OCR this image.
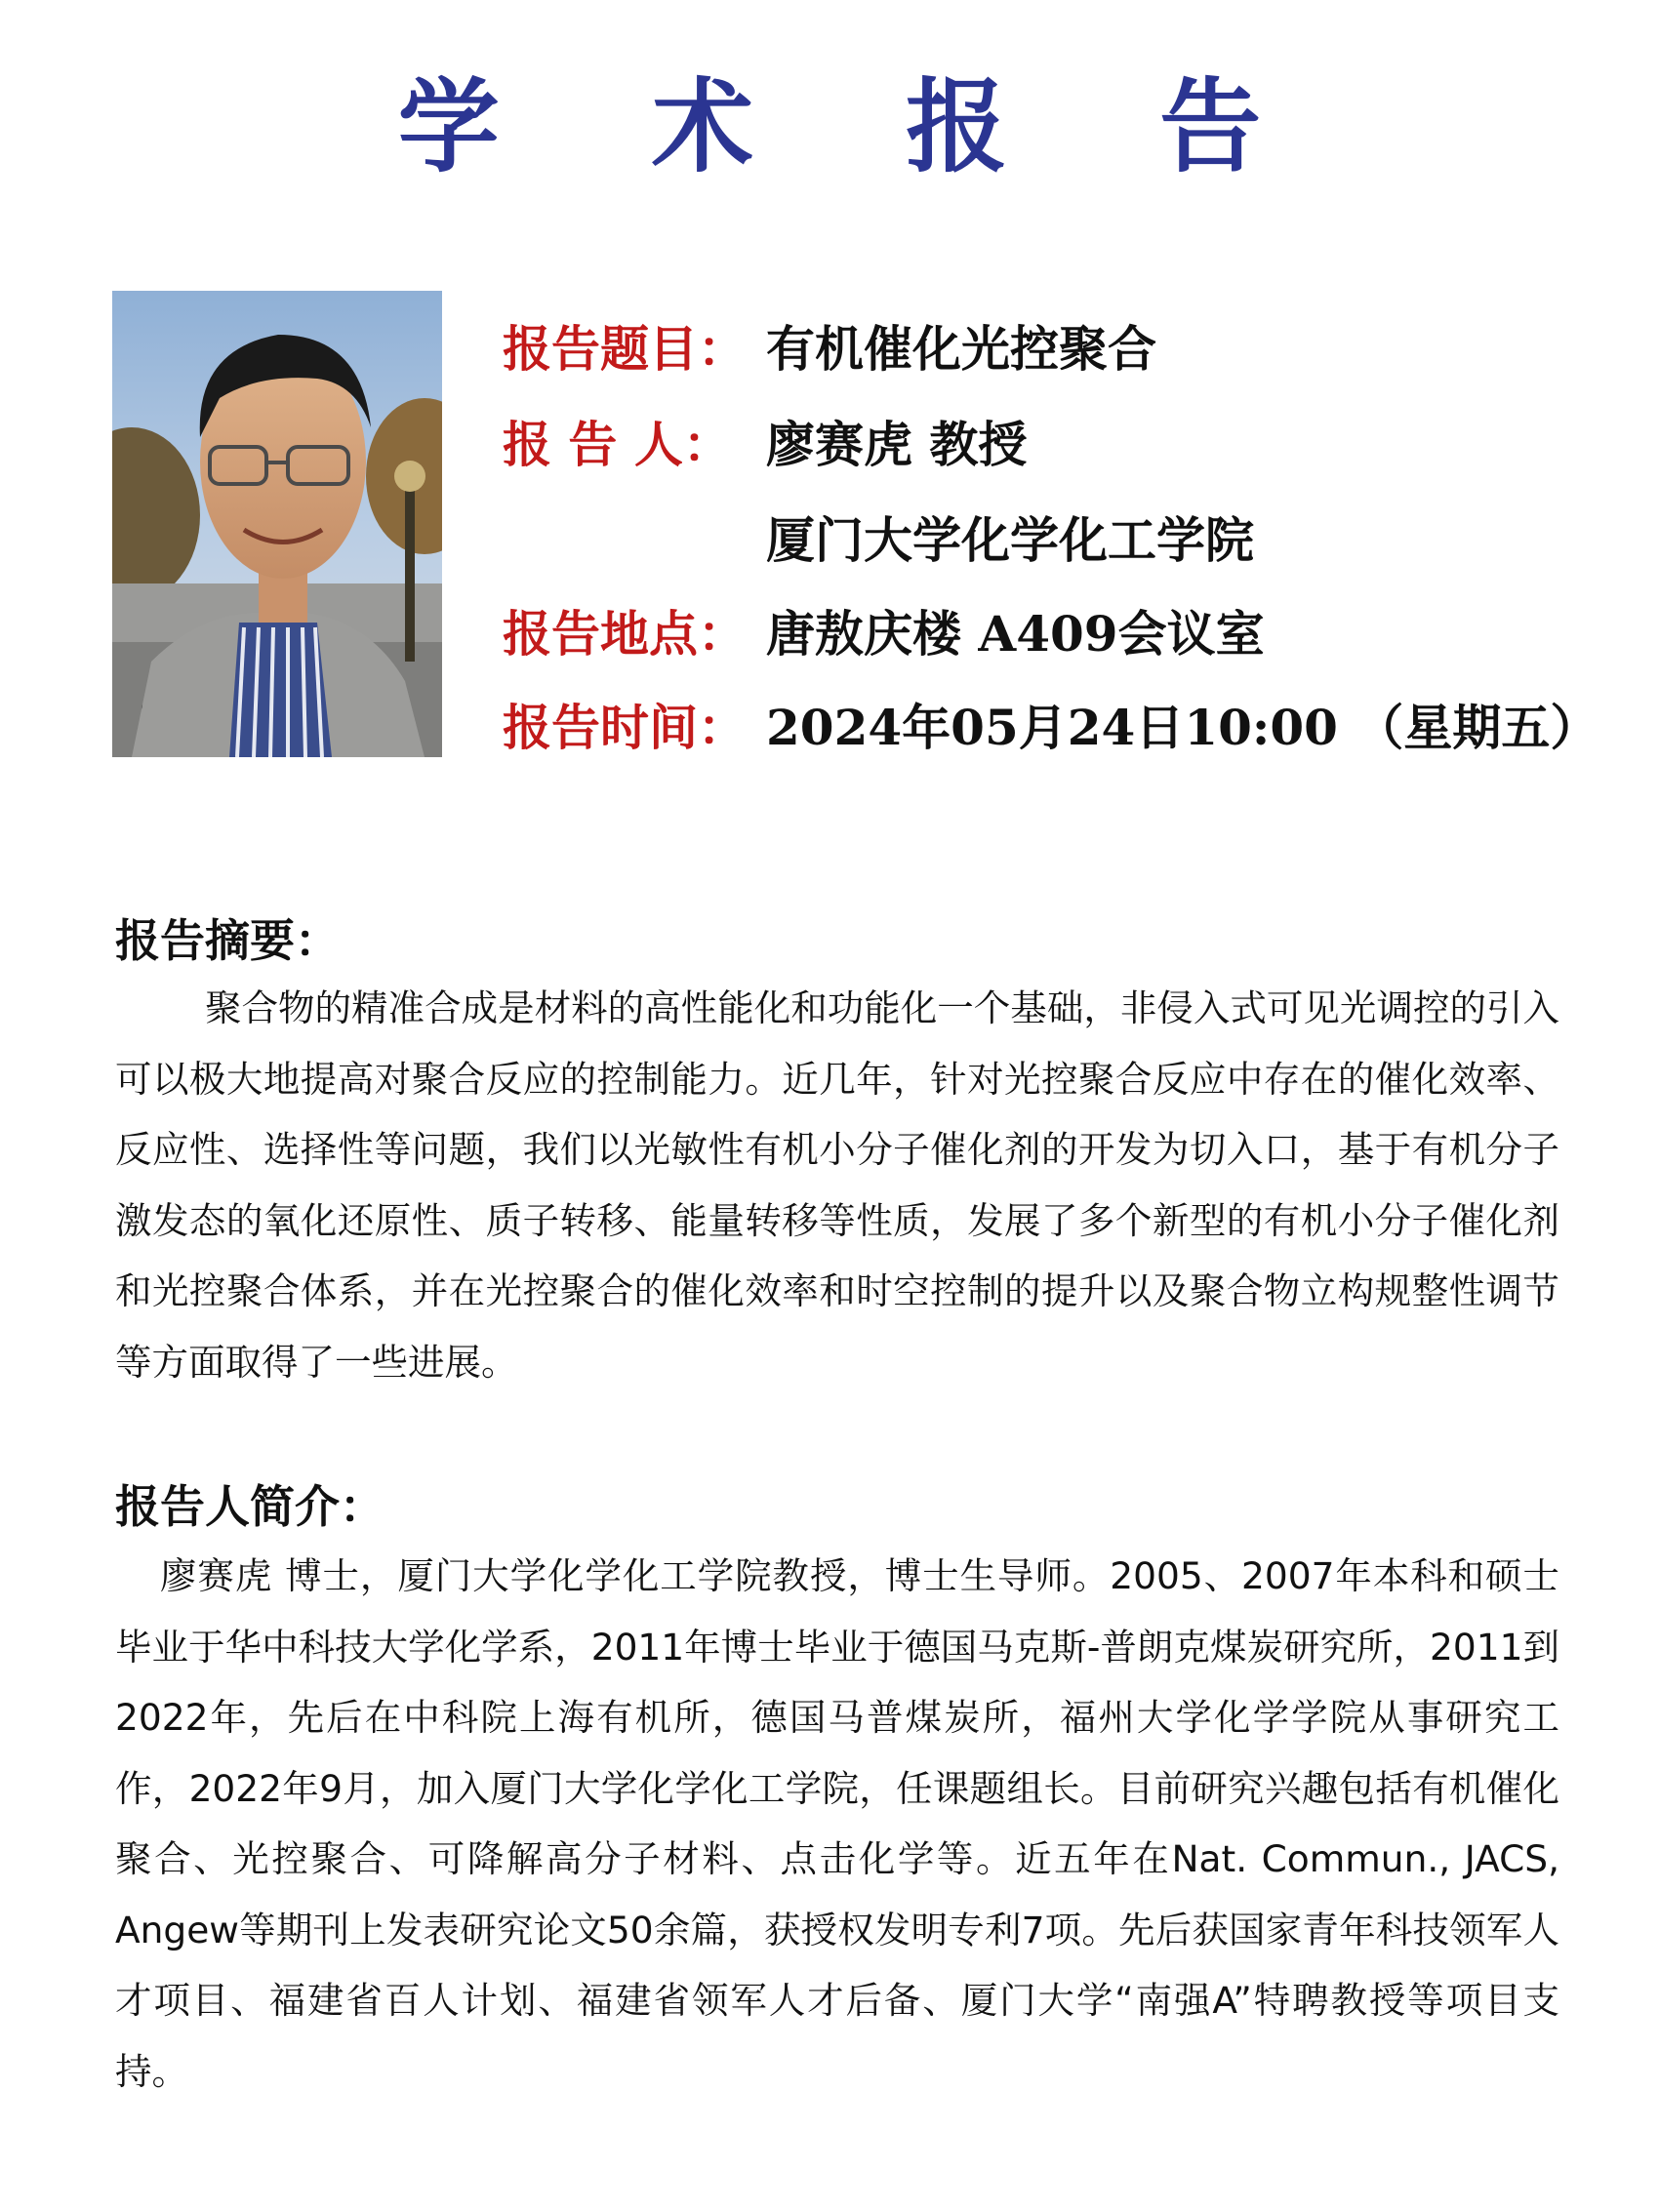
学 术 报 告
报告题目： 有机催化光控聚合
报 告 人： 廖赛虎 教授
厦门大学化学化工学院
报告地点： 唐敖庆楼 A409会议室
报告时间： 2024年05月24日10:00 （星期五）
报告摘要：

聚合物的精准合成是材料的高性能化和功能化一个基础，非侵入式可见光调控的引入可以极大地提高对聚合反应的控制能力。近几年，针对光控聚合反应中存在的催化效率、反应性、选择性等问题，我们以光敏性有机小分子催化剂的开发为切入口，基于有机分子激发态的氧化还原性、质子转移、能量转移等性质，发展了多个新型的有机小分子催化剂和光控聚合体系，并在光控聚合的催化效率和时空控制的提升以及聚合物立构规整性调节等方面取得了一些进展。

报告人简介：

廖赛虎 博士，厦门大学化学化工学院教授，博士生导师。2005、2007年本科和硕士毕业于华中科技大学化学系，2011年博士毕业于德国马克斯-普朗克煤炭研究所，2011到2022年，先后在中科院上海有机所，德国马普煤炭所，福州大学化学学院从事研究工作，2022年9月，加入厦门大学化学化工学院，任课题组长。目前研究兴趣包括有机催化聚合、光控聚合、可降解高分子材料、点击化学等。近五年在Nat. Commun., JACS, Angew等期刊上发表研究论文50余篇，获授权发明专利7项。先后获国家青年科技领军人才项目、福建省百人计划、福建省领军人才后备、厦门大学“南强A”特聘教授等项目支持。
